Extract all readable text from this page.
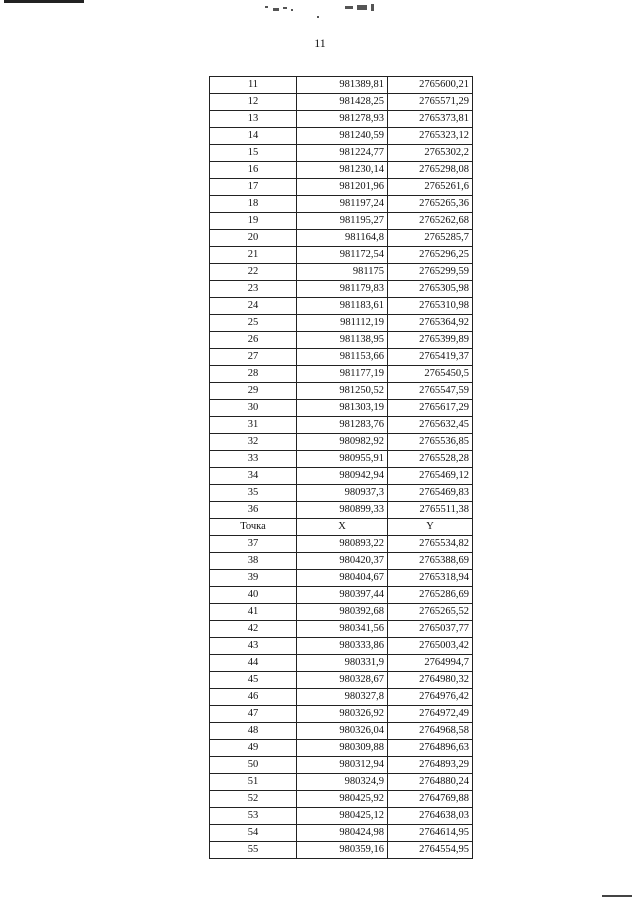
11
11	981389,81	2765600,21
12	981428,25	2765571,29
13	981278,93	2765373,81
14	981240,59	2765323,12
15	981224,77	2765302,2
16	981230,14	2765298,08
17	981201,96	2765261,6
18	981197,24	2765265,36
19	981195,27	2765262,68
20	981164,8	2765285,7
21	981172,54	2765296,25
22	981175	2765299,59
23	981179,83	2765305,98
24	981183,61	2765310,98
25	981112,19	2765364,92
26	981138,95	2765399,89
27	981153,66	2765419,37
28	981177,19	2765450,5
29	981250,52	2765547,59
30	981303,19	2765617,29
31	981283,76	2765632,45
32	980982,92	2765536,85
33	980955,91	2765528,28
34	980942,94	2765469,12
35	980937,3	2765469,83
36	980899,33	2765511,38
Точка	X	Y
37	980893,22	2765534,82
38	980420,37	2765388,69
39	980404,67	2765318,94
40	980397,44	2765286,69
41	980392,68	2765265,52
42	980341,56	2765037,77
43	980333,86	2765003,42
44	980331,9	2764994,7
45	980328,67	2764980,32
46	980327,8	2764976,42
47	980326,92	2764972,49
48	980326,04	2764968,58
49	980309,88	2764896,63
50	980312,94	2764893,29
51	980324,9	2764880,24
52	980425,92	2764769,88
53	980425,12	2764638,03
54	980424,98	2764614,95
55	980359,16	2764554,95
